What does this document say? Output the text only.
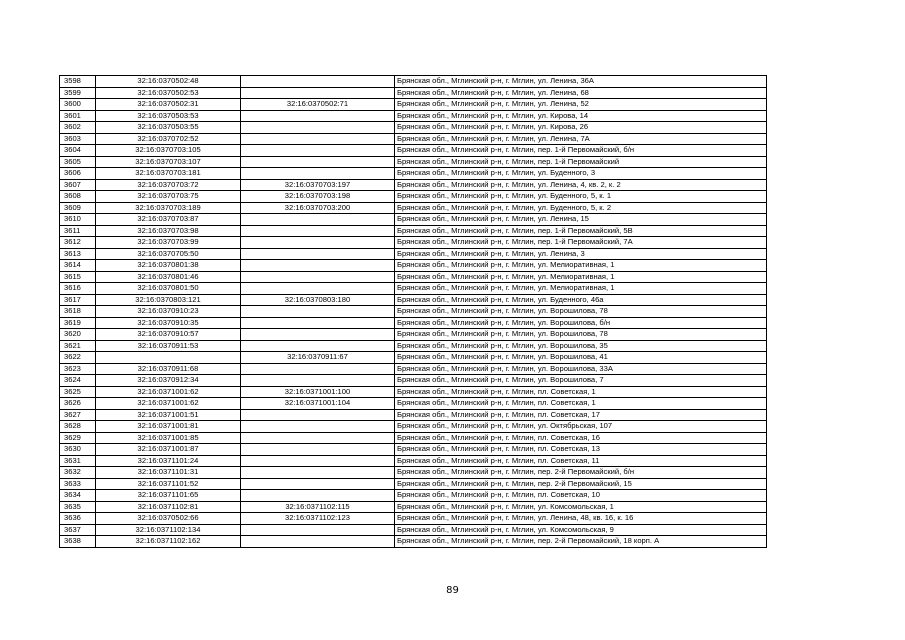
3598	32:16:0370502:48		Брянская обл., Мглинский р-н, г. Мглин, ул. Ленина, 36А
3599	32:16:0370502:53		Брянская обл., Мглинский р-н, г. Мглин, ул. Ленина, 68
3600	32:16:0370502:31	32:16:0370502:71	Брянская обл., Мглинский р-н, г. Мглин, ул. Ленина, 52
3601	32:16:0370503:53		Брянская обл., Мглинский р-н, г. Мглин, ул. Кирова, 14
3602	32:16:0370503:55		Брянская обл., Мглинский р-н, г. Мглин, ул. Кирова, 26
3603	32:16:0370702:52		Брянская обл., Мглинский р-н, г. Мглин, ул. Ленина, 7А
3604	32:16:0370703:105		Брянская обл., Мглинский р-н, г. Мглин, пер. 1-й Первомайский, б/н
3605	32:16:0370703:107		Брянская обл., Мглинский р-н, г. Мглин, пер. 1-й Первомайский
3606	32:16:0370703:181		Брянская обл., Мглинский р-н, г. Мглин, ул. Буденного, 3
3607	32:16:0370703:72	32:16:0370703:197	Брянская обл., Мглинский р-н, г. Мглин, ул. Ленина, 4, кв. 2, к. 2
3608	32:16:0370703:75	32:16:0370703:198	Брянская обл., Мглинский р-н, г. Мглин, ул. Буденного, 5, к. 1
3609	32:16:0370703:189	32:16:0370703:200	Брянская обл., Мглинский р-н, г. Мглин, ул. Буденного, 5, к. 2
3610	32:16:0370703:87		Брянская обл., Мглинский р-н, г. Мглин, ул. Ленина, 15
3611	32:16:0370703:98		Брянская обл., Мглинский р-н, г. Мглин, пер. 1-й Первомайский, 5В
3612	32:16:0370703:99		Брянская обл., Мглинский р-н, г. Мглин, пер. 1-й Первомайский, 7А
3613	32:16:0370705:50		Брянская обл., Мглинский р-н, г. Мглин, ул. Ленина, 3
3614	32:16:0370801:38		Брянская обл., Мглинский р-н, г. Мглин, ул. Мелиоративная, 1
3615	32:16:0370801:46		Брянская обл., Мглинский р-н, г. Мглин, ул. Мелиоративная, 1
3616	32:16:0370801:50		Брянская обл., Мглинский р-н, г. Мглин, ул. Мелиоративная, 1
3617	32:16:0370803:121	32:16:0370803:180	Брянская обл., Мглинский р-н, г. Мглин, ул. Буденного, 46а
3618	32:16:0370910:23		Брянская обл., Мглинский р-н, г. Мглин, ул. Ворошилова, 78
3619	32:16:0370910:35		Брянская обл., Мглинский р-н, г. Мглин, ул. Ворошилова, б/н
3620	32:16:0370910:57		Брянская обл., Мглинский р-н, г. Мглин, ул. Ворошилова, 78
3621	32:16:0370911:53		Брянская обл., Мглинский р-н, г. Мглин, ул. Ворошилова, 35
3622		32:16:0370911:67	Брянская обл., Мглинский р-н, г. Мглин, ул. Ворошилова, 41
3623	32:16:0370911:68		Брянская обл., Мглинский р-н, г. Мглин, ул. Ворошилова, 33А
3624	32:16:0370912:34		Брянская обл., Мглинский р-н, г. Мглин, ул. Ворошилова, 7
3625	32:16:0371001:62	32:16:0371001:100	Брянская обл., Мглинский р-н, г. Мглин, пл. Советская, 1
3626	32:16:0371001:62	32:16:0371001:104	Брянская обл., Мглинский р-н, г. Мглин, пл. Советская, 1
3627	32:16:0371001:51		Брянская обл., Мглинский р-н, г. Мглин, пл. Советская, 17
3628	32:16:0371001:81		Брянская обл., Мглинский р-н, г. Мглин, ул. Октябрьская, 107
3629	32:16:0371001:85		Брянская обл., Мглинский р-н, г. Мглин, пл. Советская, 16
3630	32:16:0371001:87		Брянская обл., Мглинский р-н, г. Мглин, пл. Советская, 13
3631	32:16:0371101:24		Брянская обл., Мглинский р-н, г. Мглин, пл. Советская, 11
3632	32:16:0371101:31		Брянская обл., Мглинский р-н, г. Мглин, пер. 2-й Первомайский, б/н
3633	32:16:0371101:52		Брянская обл., Мглинский р-н, г. Мглин, пер. 2-й Первомайский, 15
3634	32:16:0371101:65		Брянская обл., Мглинский р-н, г. Мглин, пл. Советская, 10
3635	32:16:0371102:81	32:16:0371102:115	Брянская обл., Мглинский р-н, г. Мглин, ул. Комсомольская, 1
3636	32:16:0370502:66	32:16:0371102:123	Брянская обл., Мглинский р-н, г. Мглин, ул. Ленина, 48, кв. 16, к. 16
3637	32:16:0371102:134		Брянская обл., Мглинский р-н, г. Мглин, ул. Комсомольская, 9
3638	32:16:0371102:162		Брянская обл., Мглинский р-н, г. Мглин, пер. 2-й Первомайский, 18 корп. А
89
